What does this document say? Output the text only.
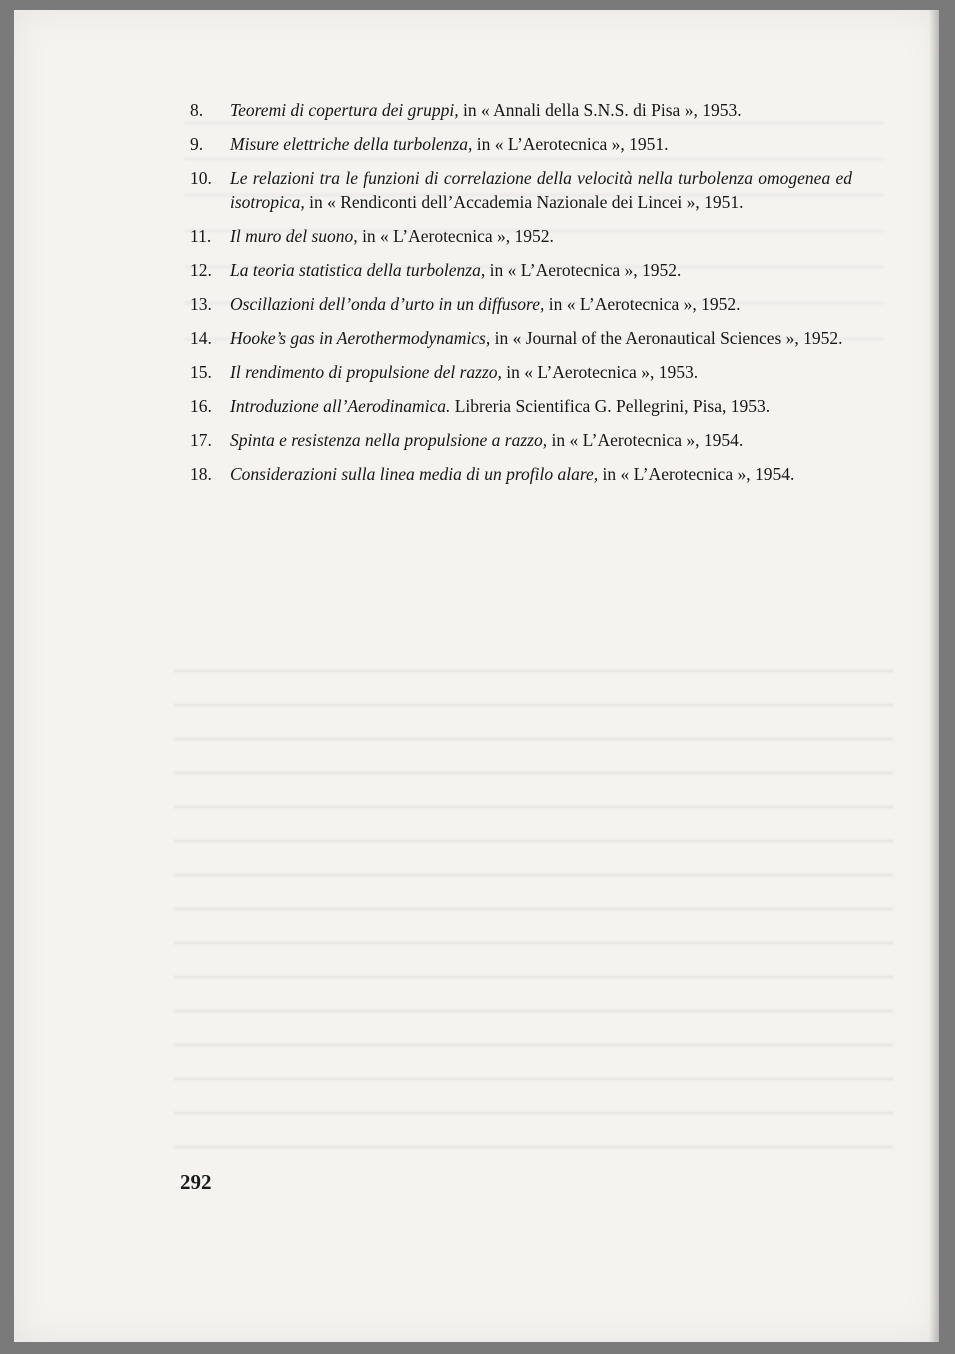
8.	Teoremi di copertura dei gruppi, in « Annali della S.N.S. di Pisa », 1953.
9.	Misure elettriche della turbolenza, in « L’Aerotecnica », 1951.
10.	Le relazioni tra le funzioni di correlazione della velocità nella turbolenza omogenea ed isotropica, in « Rendiconti dell’Accademia Nazionale dei Lincei », 1951.
11.	Il muro del suono, in « L’Aerotecnica », 1952.
12.	La teoria statistica della turbolenza, in « L’Aerotecnica », 1952.
13.	Oscillazioni dell’onda d’urto in un diffusore, in « L’Aerotecnica », 1952.
14.	Hooke’s gas in Aerothermodynamics, in « Journal of the Aeronautical Sciences », 1952.
15.	Il rendimento di propulsione del razzo, in « L’Aerotecnica », 1953.
16.	Introduzione all’Aerodinamica. Libreria Scientifica G. Pellegrini, Pisa, 1953.
17.	Spinta e resistenza nella propulsione a razzo, in « L’Aerotecnica », 1954.
18.	Considerazioni sulla linea media di un profilo alare, in « L’Aerotecnica », 1954.
292
